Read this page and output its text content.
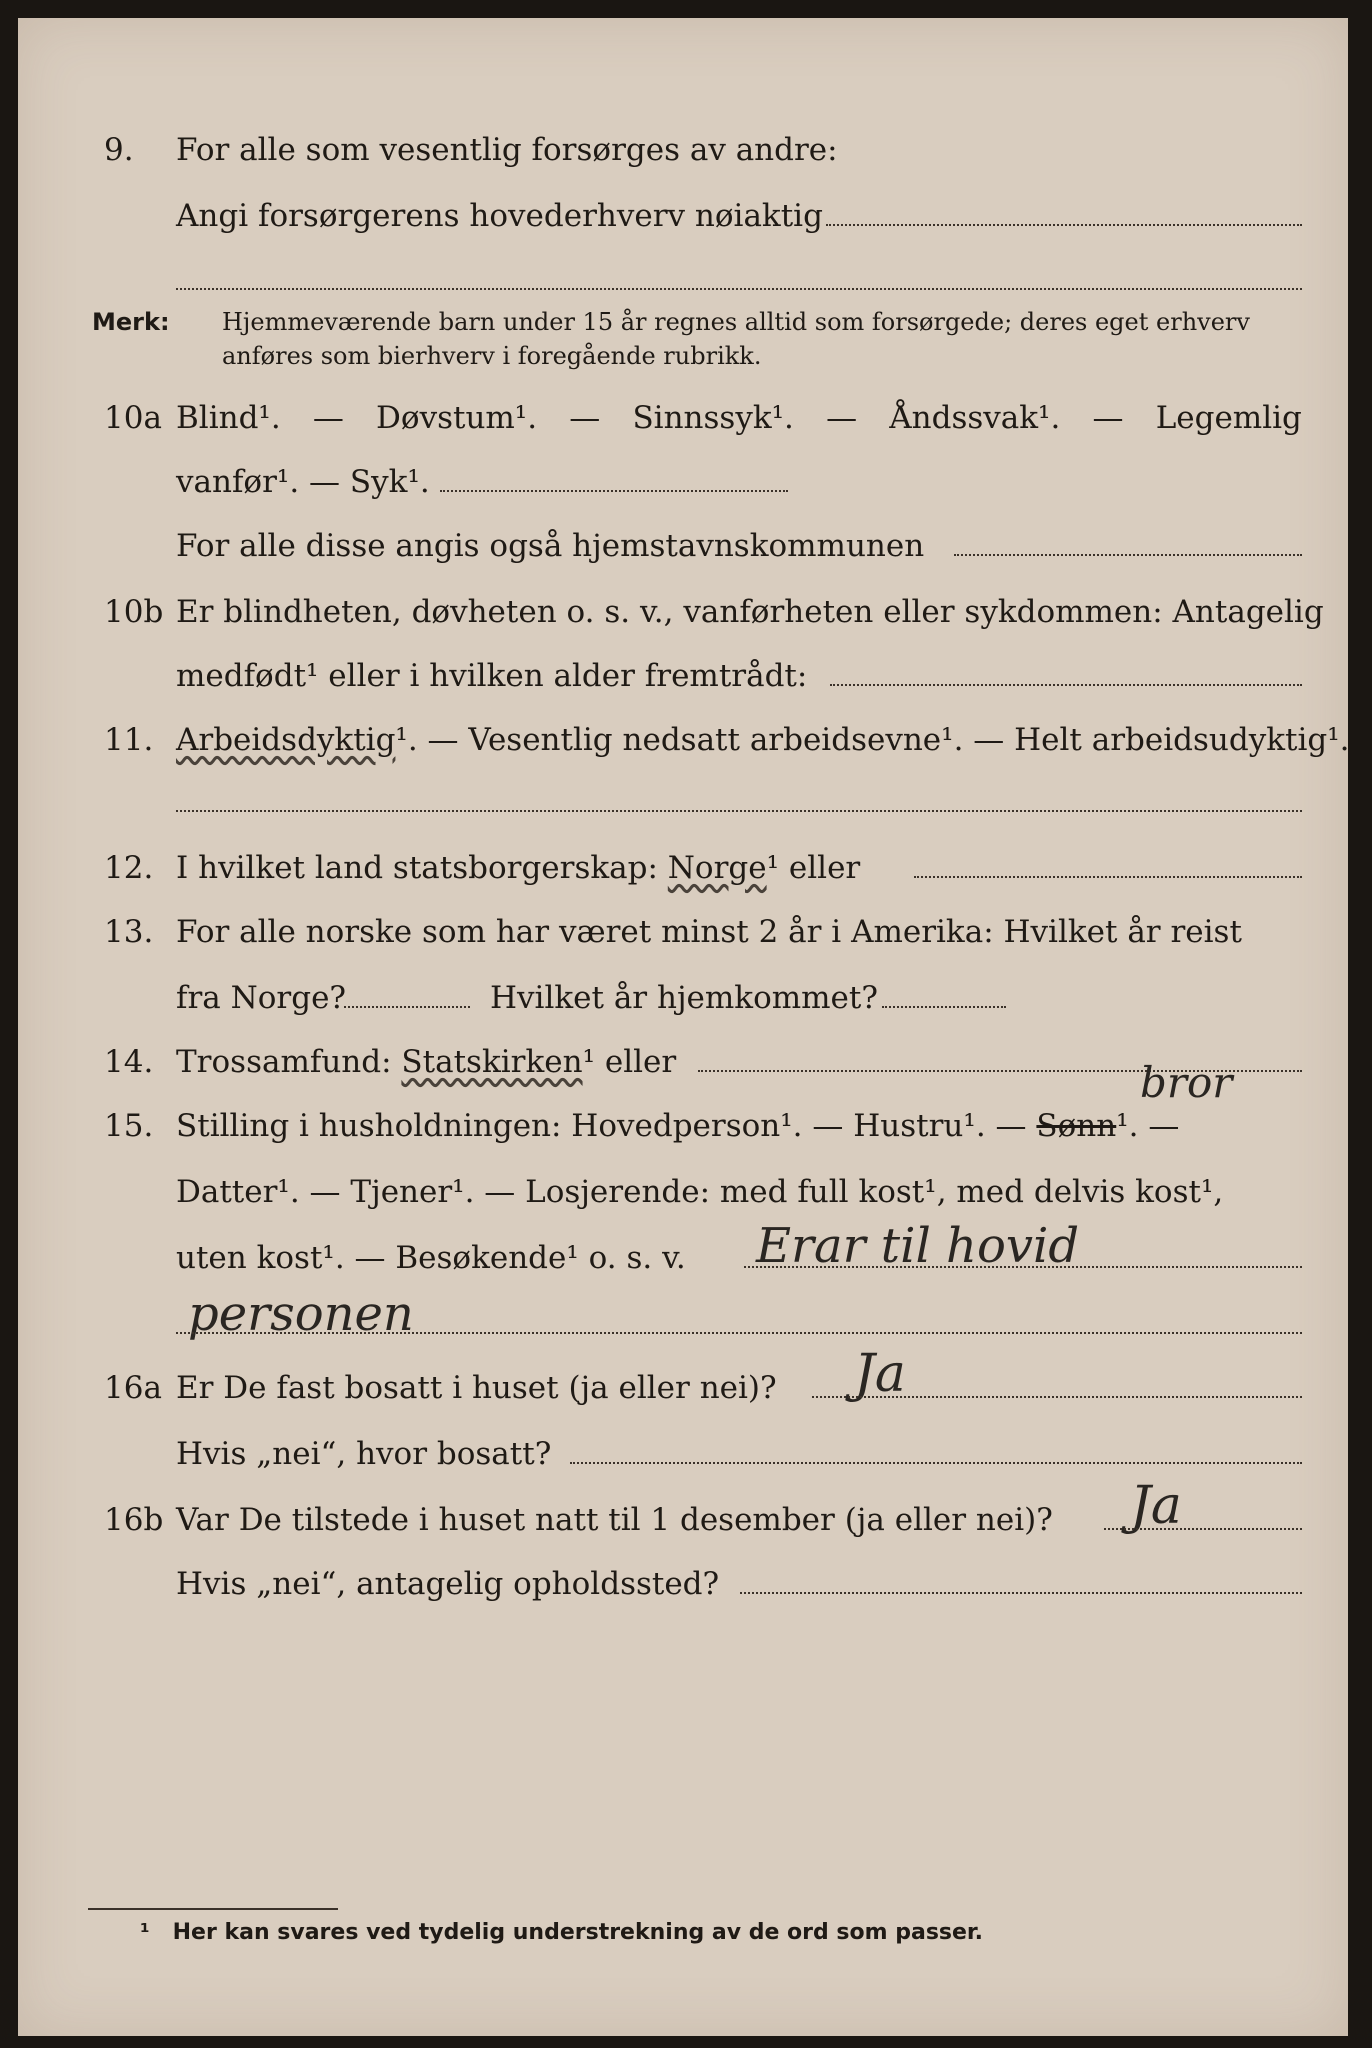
9. For alle som vesentlig forsørges av andre:
Angi forsørgerens hovederhverv nøiaktig
Merk: Hjemmeværende barn under 15 år regnes alltid som forsørgede; deres eget erhverv
anføres som bierhverv i foregående rubrikk.
10a Blind¹. — Døvstum¹. — Sinnssyk¹. — Åndssvak¹. — Legemlig
vanfør¹. — Syk¹.
For alle disse angis også hjemstavnskommunen
10b Er blindheten, døvheten o. s. v., vanførheten eller sykdommen: Antagelig
medfødt¹ eller i hvilken alder fremtrådt:
11. Arbeidsdyktig¹. — Vesentlig nedsatt arbeidsevne¹. — Helt arbeidsudyktig¹.
12. I hvilket land statsborgerskap: Norge¹ eller
13. For alle norske som har været minst 2 år i Amerika: Hvilket år reist
fra Norge?	Hvilket år hjemkommet?
14. Trossamfund: Statskirken¹ eller	bror
15. Stilling i husholdningen: Hovedperson¹. — Hustru¹. — Sønn¹. —
Datter¹. — Tjener¹. — Losjerende: med full kost¹, med delvis kost¹,
uten kost¹. — Besøkende¹ o. s. v. Erar til hovid
personen
16a Er De fast bosatt i huset (ja eller nei)? Ja
Hvis „nei“, hvor bosatt?
16b Var De tilstede i huset natt til 1 desember (ja eller nei)? Ja
Hvis „nei“, antagelig opholdssted?
¹ Her kan svares ved tydelig understrekning av de ord som passer.
